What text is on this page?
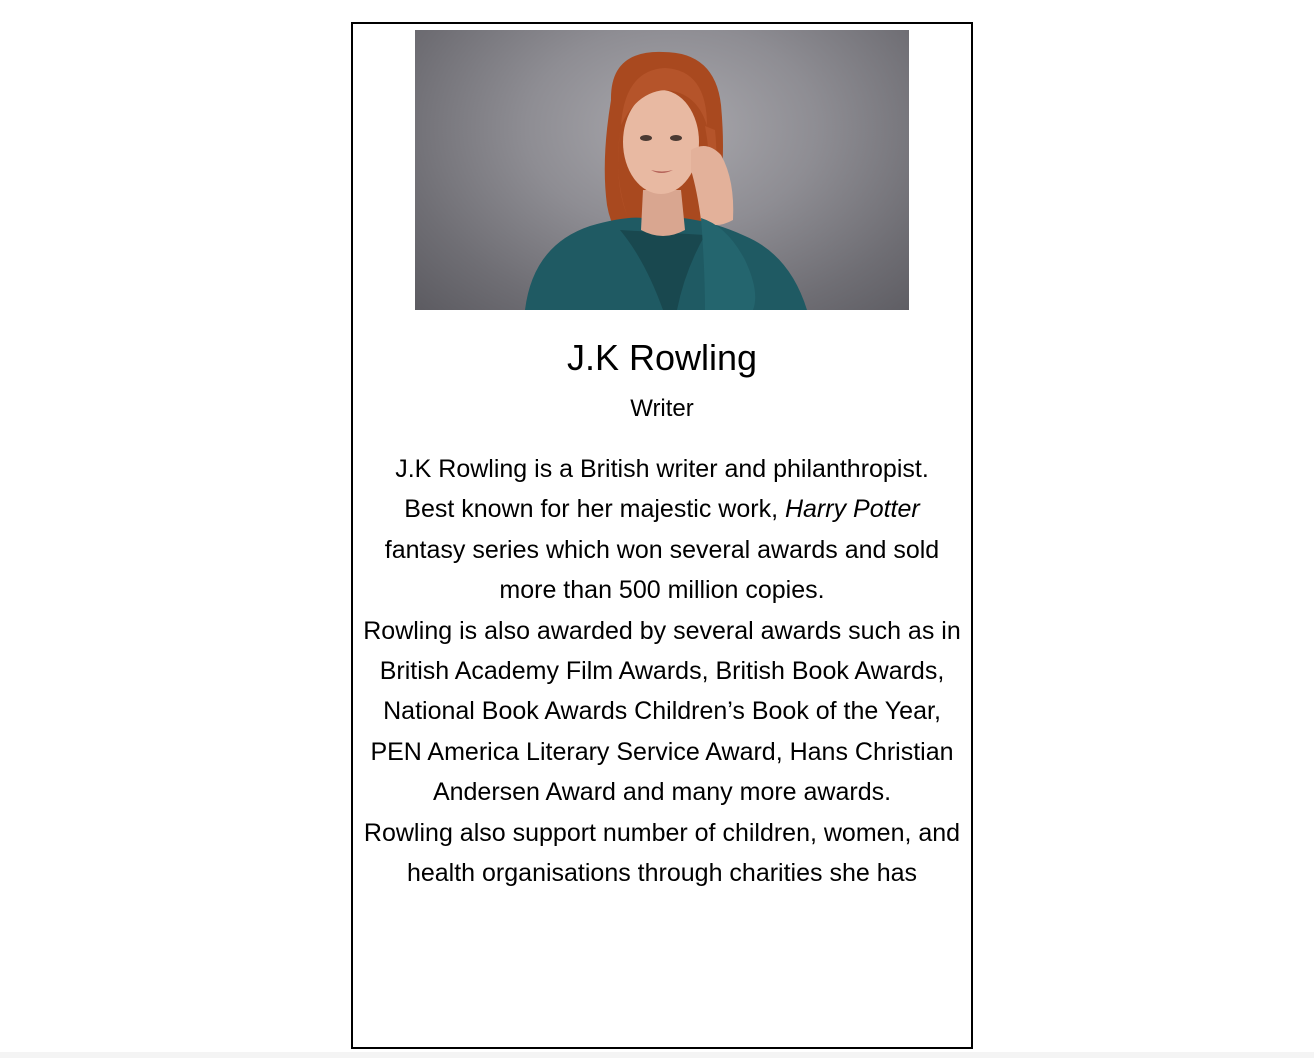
J.K Rowling
Writer

J.K Rowling is a British writer and philanthropist.

Best known for her majestic work, Harry Potter fantasy series which won several awards and sold more than 500 million copies.

Rowling is also awarded by several awards such as in British Academy Film Awards, British Book Awards, National Book Awards Children’s Book of the Year, PEN America Literary Service Award, Hans Christian Andersen Award and many more awards.

Rowling also support number of children, women, and health organisations through charities she has
